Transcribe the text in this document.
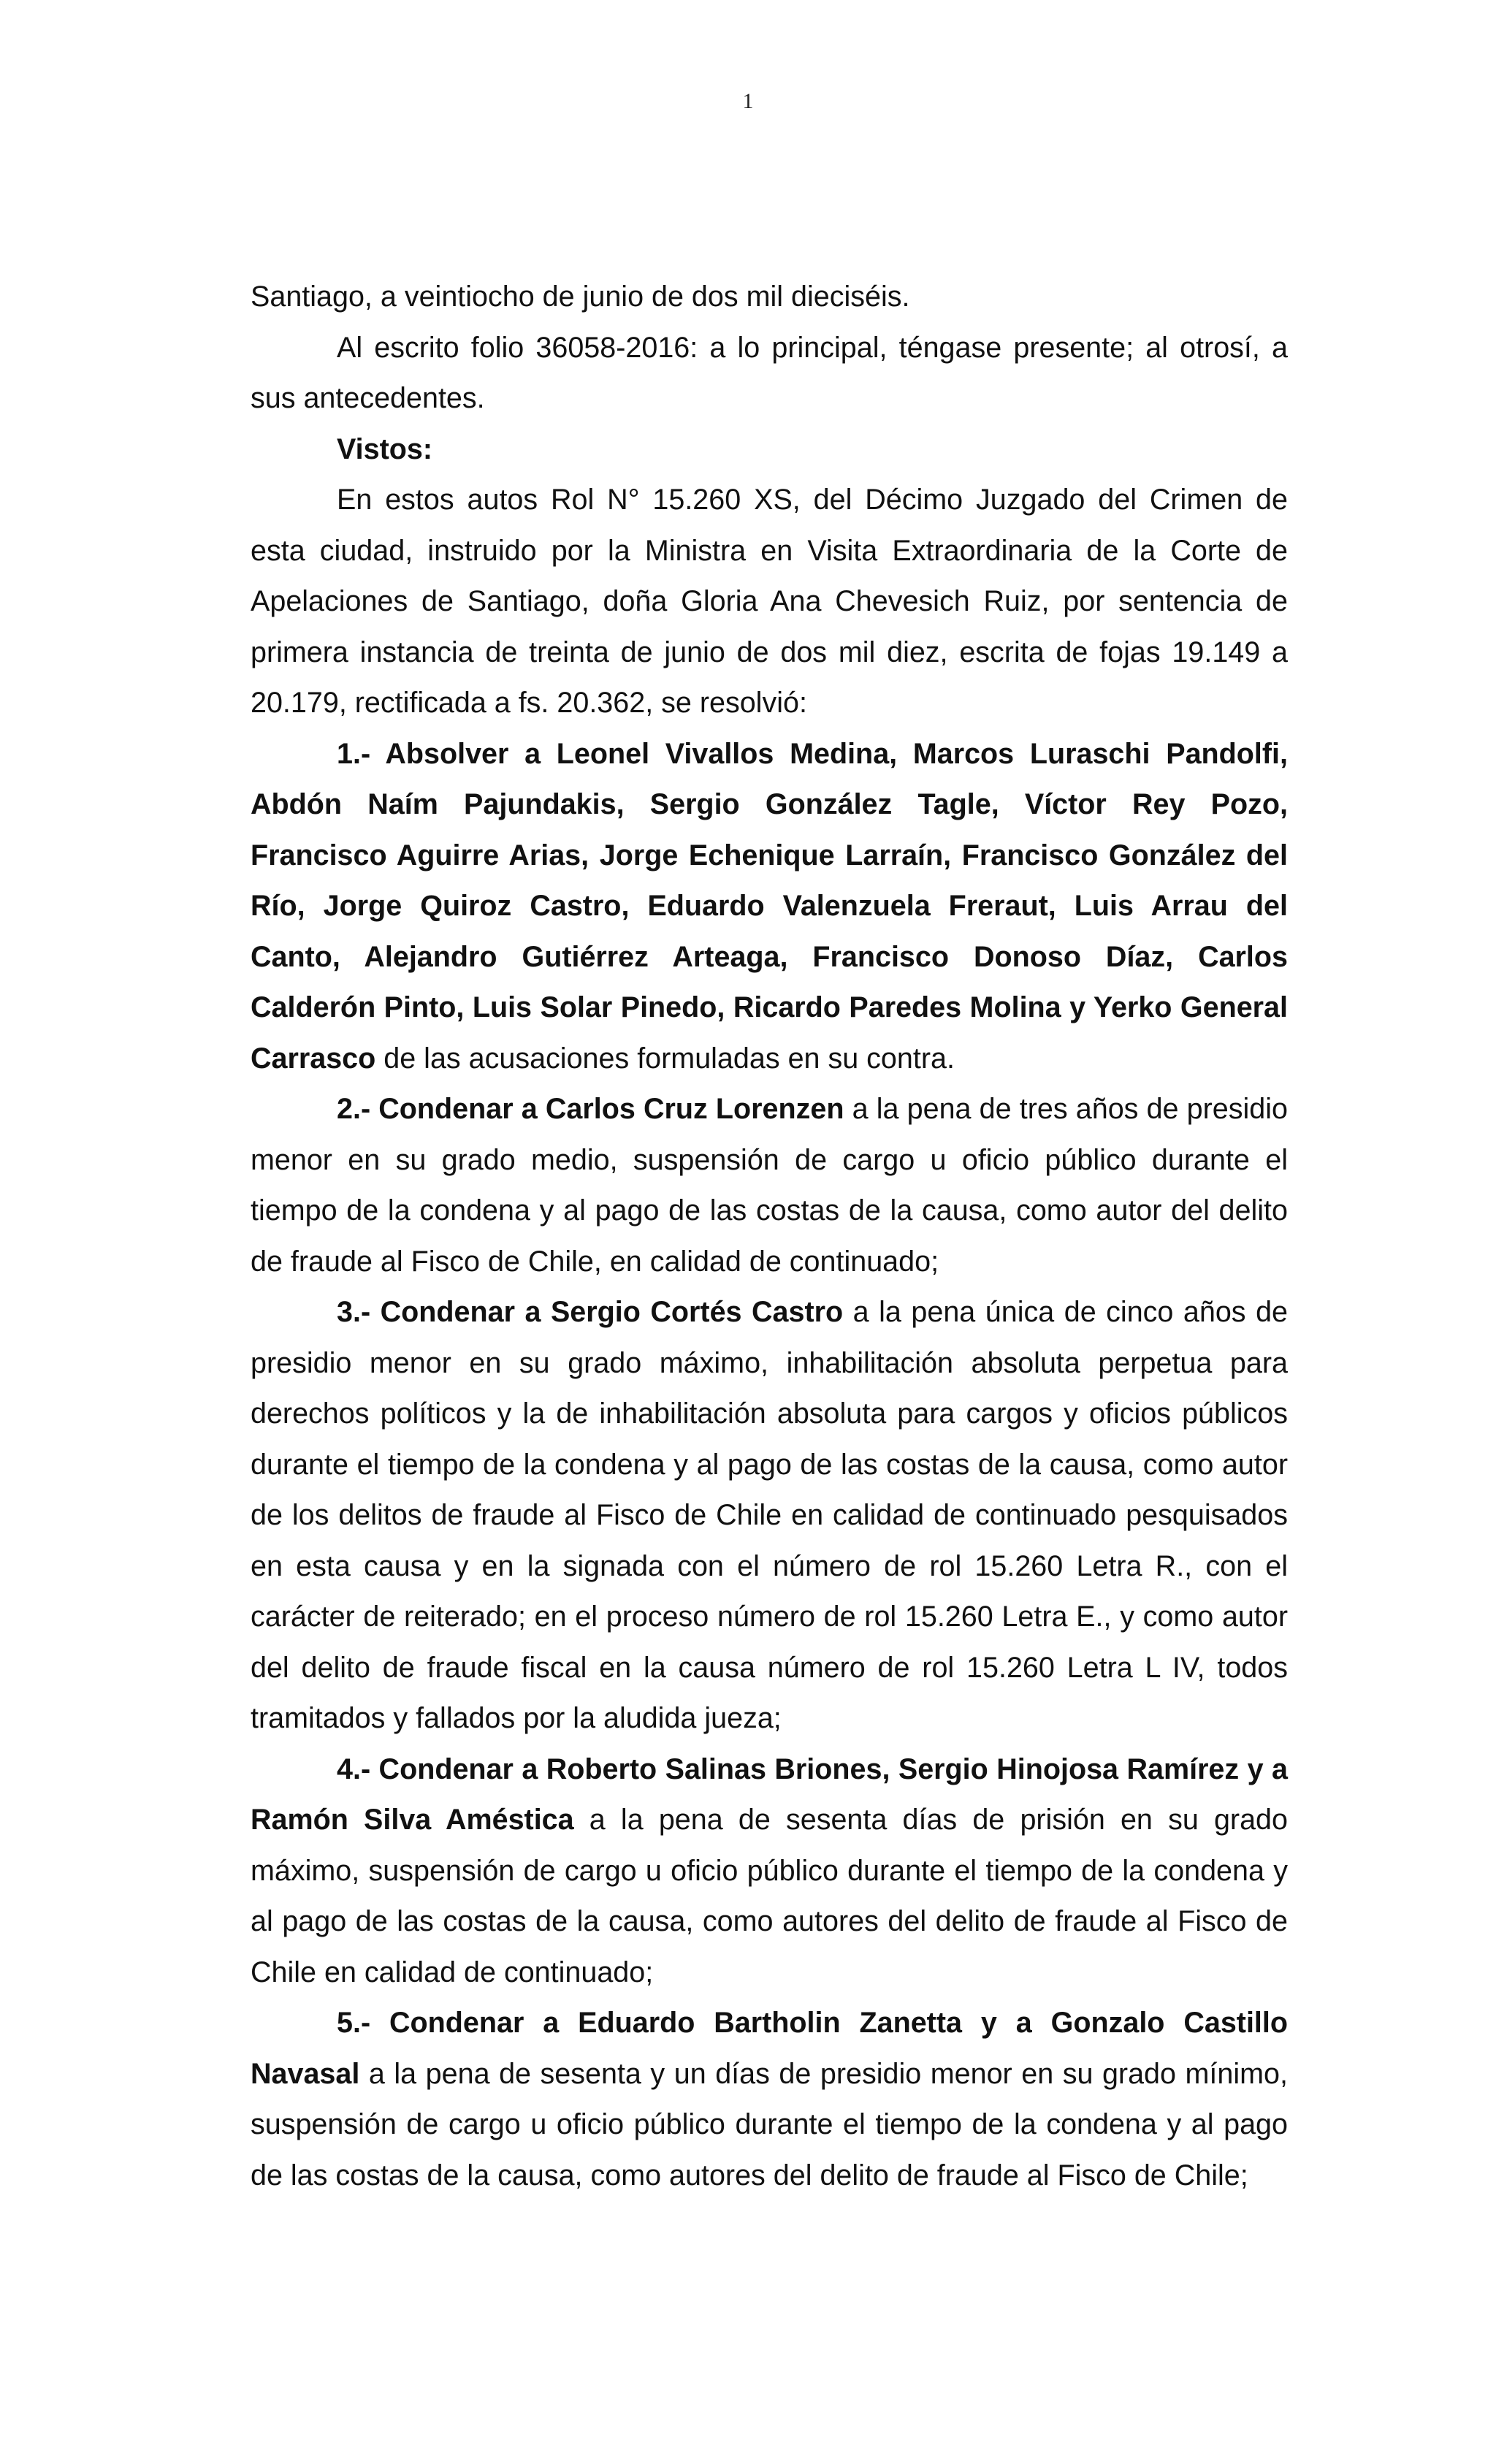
1

Santiago, a veintiocho de junio de dos mil dieciséis.

Al escrito folio 36058-2016: a lo principal, téngase presente; al otrosí, a sus antecedentes.

Vistos:

En estos autos Rol N° 15.260 XS, del Décimo Juzgado del Crimen de esta ciudad, instruido por la Ministra en Visita Extraordinaria de la Corte de Apelaciones de Santiago, doña Gloria Ana Chevesich Ruiz, por sentencia de primera instancia de treinta de junio de dos mil diez, escrita de fojas 19.149 a 20.179, rectificada a fs. 20.362, se resolvió:

1.- Absolver a Leonel Vivallos Medina, Marcos Luraschi Pandolfi, Abdón Naím Pajundakis, Sergio González Tagle, Víctor Rey Pozo, Francisco Aguirre Arias, Jorge Echenique Larraín, Francisco González del Río, Jorge Quiroz Castro, Eduardo Valenzuela Freraut, Luis Arrau del Canto, Alejandro Gutiérrez Arteaga, Francisco Donoso Díaz, Carlos Calderón Pinto, Luis Solar Pinedo, Ricardo Paredes Molina y Yerko General Carrasco de las acusaciones formuladas en su contra.

2.- Condenar a Carlos Cruz Lorenzen a la pena de tres años de presidio menor en su grado medio, suspensión de cargo u oficio público durante el tiempo de la condena y al pago de las costas de la causa, como autor del delito de fraude al Fisco de Chile, en calidad de continuado;

3.- Condenar a Sergio Cortés Castro a la pena única de cinco años de presidio menor en su grado máximo, inhabilitación absoluta perpetua para derechos políticos y la de inhabilitación absoluta para cargos y oficios públicos durante el tiempo de la condena y al pago de las costas de la causa, como autor de los delitos de fraude al Fisco de Chile en calidad de continuado pesquisados en esta causa y en la signada con el número de rol 15.260 Letra R., con el carácter de reiterado; en el proceso número de rol 15.260 Letra E., y como autor del delito de fraude fiscal en la causa número de rol 15.260 Letra L IV, todos tramitados y fallados por la aludida jueza;

4.- Condenar a Roberto Salinas Briones, Sergio Hinojosa Ramírez y a Ramón Silva Améstica a la pena de sesenta días de prisión en su grado máximo, suspensión de cargo u oficio público durante el tiempo de la condena y al pago de las costas de la causa, como autores del delito de fraude al Fisco de Chile en calidad de continuado;

5.- Condenar a Eduardo Bartholin Zanetta y a Gonzalo Castillo Navasal a la pena de sesenta y un días de presidio menor en su grado mínimo, suspensión de cargo u oficio público durante el tiempo de la condena y al pago de las costas de la causa, como autores del delito de fraude al Fisco de Chile;
